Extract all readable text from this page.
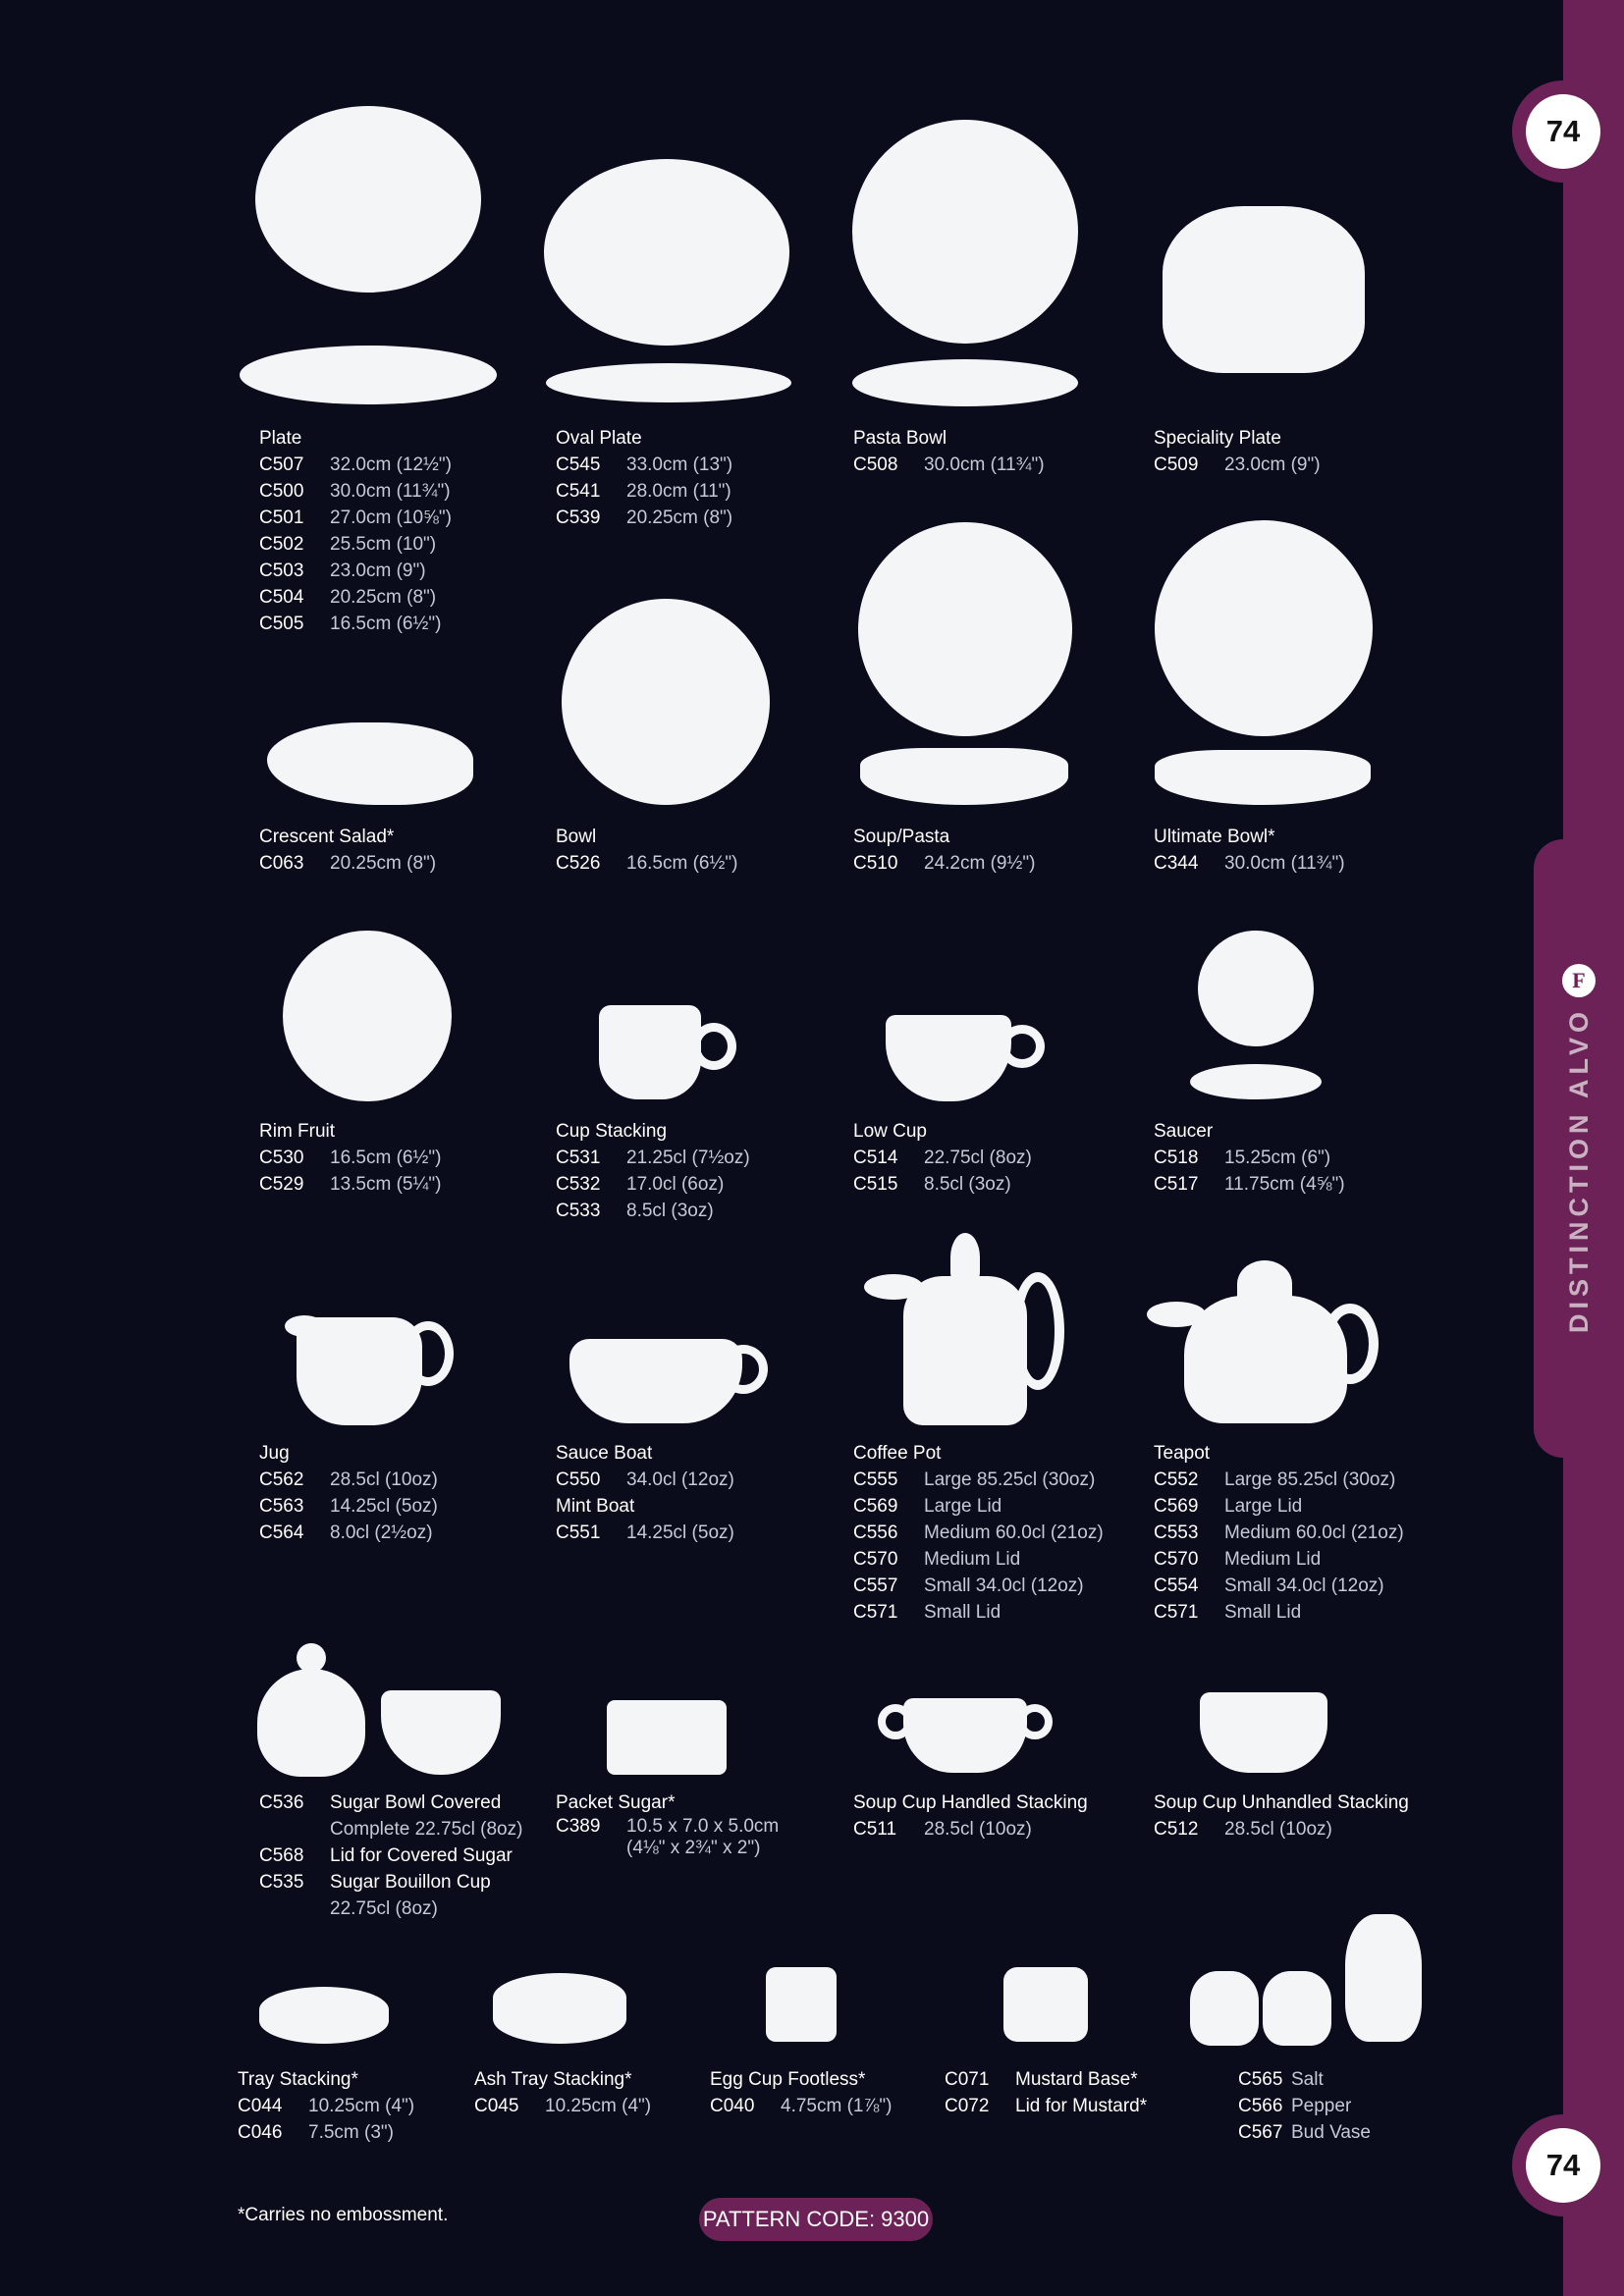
74
DISTINCTION ALVO
F
74
Plate
C507	32.0cm (12½")
C500	30.0cm (11¾")
C501	27.0cm (10⅝")
C502	25.5cm (10")
C503	23.0cm (9")
C504	20.25cm (8")
C505	16.5cm (6½")
Oval Plate
C545	33.0cm (13")
C541	28.0cm (11")
C539	20.25cm (8")
Pasta Bowl
C508	30.0cm (11¾")
Speciality Plate
C509	23.0cm (9")
Crescent Salad*
C063	20.25cm (8")
Bowl
C526	16.5cm (6½")
Soup/Pasta
C510	24.2cm (9½")
Ultimate Bowl*
C344	30.0cm (11¾")
Rim Fruit
C530	16.5cm (6½")
C529	13.5cm (5¼")
Cup Stacking
C531	21.25cl (7½oz)
C532	17.0cl (6oz)
C533	8.5cl (3oz)
Low Cup
C514	22.75cl (8oz)
C515	8.5cl (3oz)
Saucer
C518	15.25cm (6")
C517	11.75cm (4⅝")
Jug
C562	28.5cl (10oz)
C563	14.25cl (5oz)
C564	8.0cl (2½oz)
Sauce Boat
C550	34.0cl (12oz)
Mint Boat
C551	14.25cl (5oz)
Coffee Pot
C555	Large 85.25cl (30oz)
C569	Large Lid
C556	Medium 60.0cl (21oz)
C570	Medium Lid
C557	Small 34.0cl (12oz)
C571	Small Lid
Teapot
C552	Large 85.25cl (30oz)
C569	Large Lid
C553	Medium 60.0cl (21oz)
C570	Medium Lid
C554	Small 34.0cl (12oz)
C571	Small Lid
C536	Sugar Bowl Covered
Complete 22.75cl (8oz)
C568	Lid for Covered Sugar
C535	Sugar Bouillon Cup
22.75cl (8oz)
Packet Sugar*
C389	10.5 x 7.0 x 5.0cm
(4⅛" x 2¾" x 2")
Soup Cup Handled Stacking
C511	28.5cl (10oz)
Soup Cup Unhandled Stacking
C512	28.5cl (10oz)
Tray Stacking*
C044	10.25cm (4")
C046	7.5cm (3")
Ash Tray Stacking*
C045	10.25cm (4")
Egg Cup Footless*
C040	4.75cm (1⅞")
C071	Mustard Base*
C072	Lid for Mustard*
C565 Salt
C566 Pepper
C567 Bud Vase
*Carries no embossment.	PATTERN CODE: 9300
